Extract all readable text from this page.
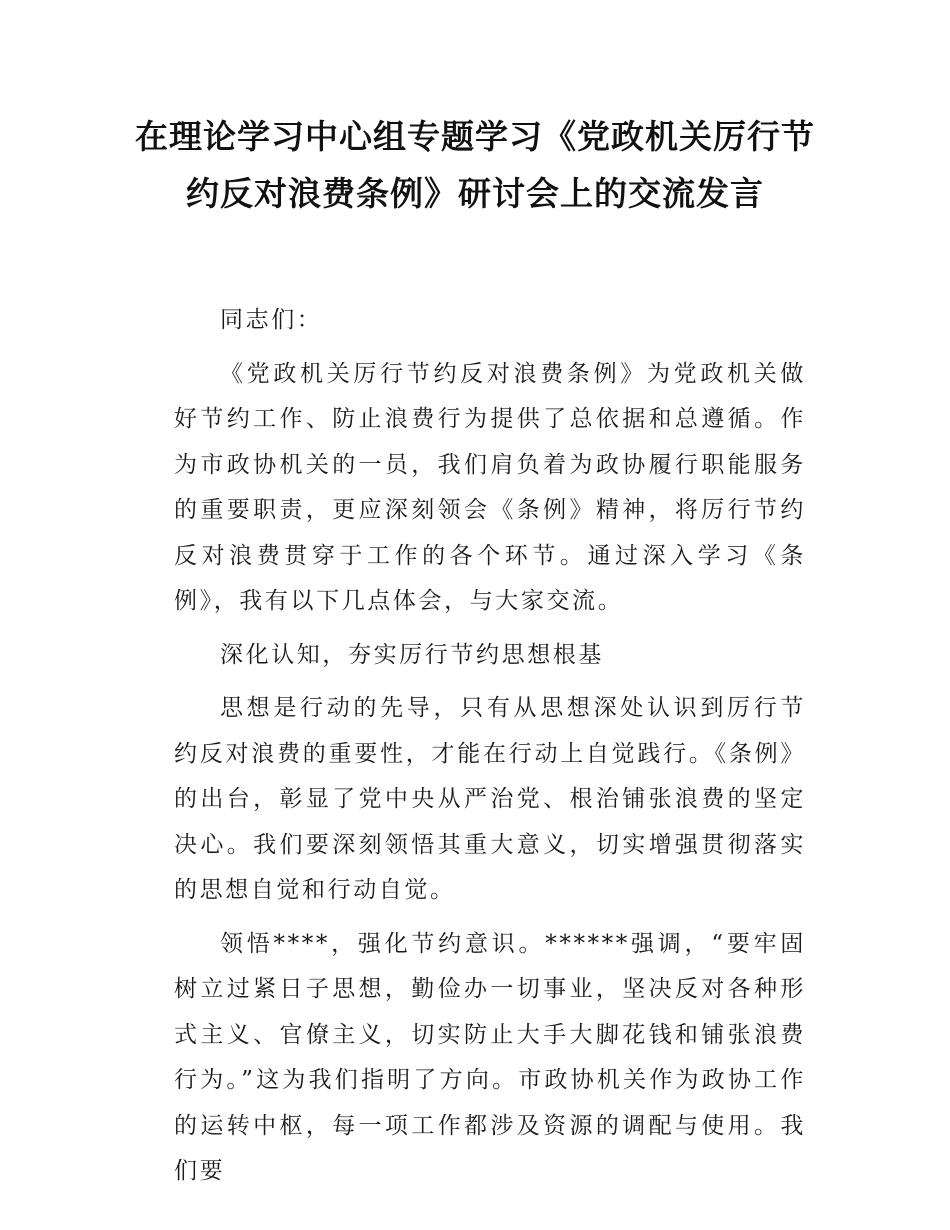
在理论学习中心组专题学习《党政机关厉行节约反对浪费条例》研讨会上的交流发言

同志们：

《党政机关厉行节约反对浪费条例》为党政机关做好节约工作、防止浪费行为提供了总依据和总遵循。作为市政协机关的一员，我们肩负着为政协履行职能服务的重要职责，更应深刻领会《条例》精神，将厉行节约反对浪费贯穿于工作的各个环节。通过深入学习《条例》，我有以下几点体会，与大家交流。

深化认知，夯实厉行节约思想根基

思想是行动的先导，只有从思想深处认识到厉行节约反对浪费的重要性，才能在行动上自觉践行。《条例》的出台，彰显了党中央从严治党、根治铺张浪费的坚定决心。我们要深刻领悟其重大意义，切实增强贯彻落实的思想自觉和行动自觉。

领悟****，强化节约意识。******强调，“要牢固树立过紧日子思想，勤俭办一切事业，坚决反对各种形式主义、官僚主义，切实防止大手大脚花钱和铺张浪费行为。”这为我们指明了方向。市政协机关作为政协工作的运转中枢，每一项工作都涉及资源的调配与使用。我们要
